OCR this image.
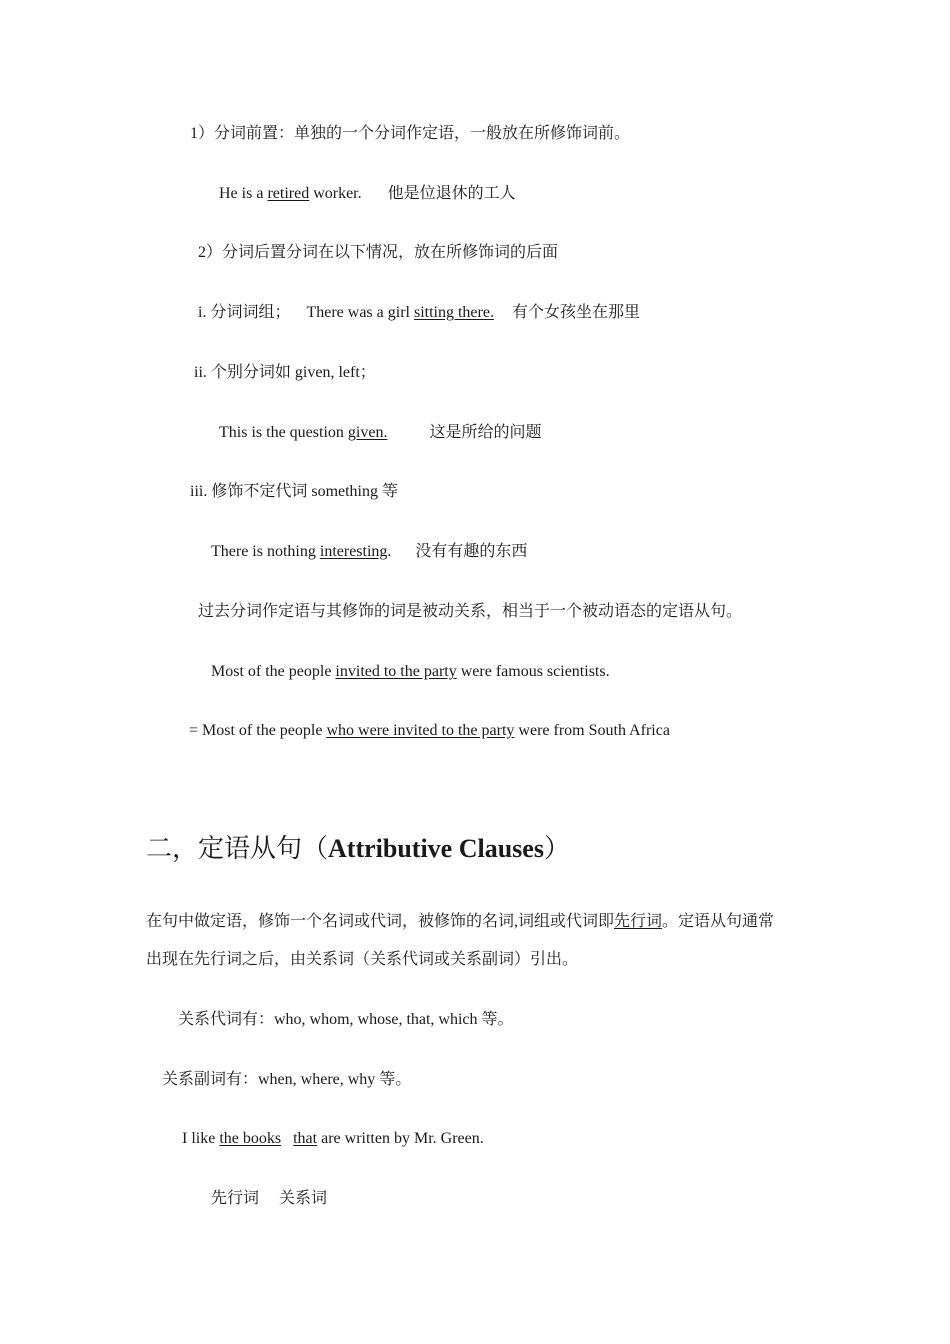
1）分词前置：单独的一个分词作定语，一般放在所修饰词前。
He is a retired worker. 他是位退休的工人
2）分词后置分词在以下情况，放在所修饰词的后面
i. 分词词组； There was a girl sitting there. 有个女孩坐在那里
ii. 个别分词如 given, left；
This is the question given.	这是所给的问题
iii. 修饰不定代词 something 等
There is nothing interesting. 没有有趣的东西
过去分词作定语与其修饰的词是被动关系，相当于一个被动语态的定语从句。
Most of the people invited to the party were famous scientists.
= Most of the people who were invited to the party were from South Africa
二，定语从句（Attributive Clauses）
在句中做定语，修饰一个名词或代词，被修饰的名词,词组或代词即先行词。定语从句通常
出现在先行词之后，由关系词（关系代词或关系副词）引出。
关系代词有：who, whom, whose, that, which 等。
关系副词有：when, where, why 等。
I like the books that are written by Mr. Green.
先行词 关系词
